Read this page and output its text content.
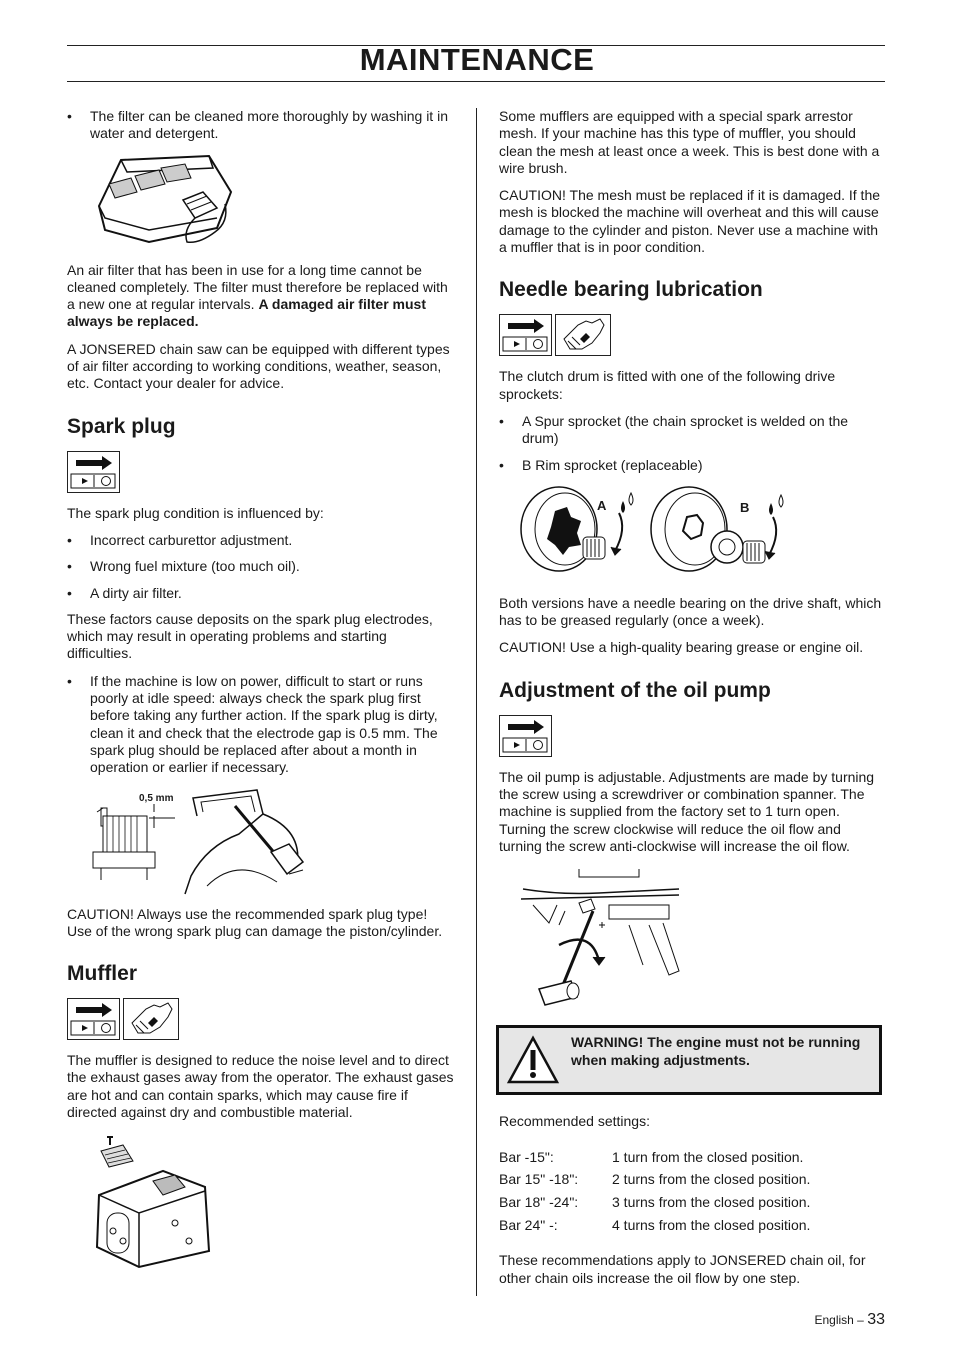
MAINTENANCE
• The filter can be cleaned more thoroughly by washing it in water and detergent.

An air filter that has been in use for a long time cannot be cleaned completely. The filter must therefore be replaced with a new one at regular intervals. A damaged air filter must always be replaced.

A JONSERED chain saw can be equipped with different types of air filter according to working conditions, weather, season, etc. Contact your dealer for advice.

Spark plug

The spark plug condition is influenced by:

• Incorrect carburettor adjustment.
• Wrong fuel mixture (too much oil).
• A dirty air filter.

These factors cause deposits on the spark plug electrodes, which may result in operating problems and starting difficulties.

• If the machine is low on power, difficult to start or runs poorly at idle speed: always check the spark plug first before taking any further action. If the spark plug is dirty, clean it and check that the electrode gap is 0.5 mm. The spark plug should be replaced after about a month in operation or earlier if necessary.
0,5 mm

CAUTION! Always use the recommended spark plug type! Use of the wrong spark plug can damage the piston/cylinder.

Muffler

The muffler is designed to reduce the noise level and to direct the exhaust gases away from the operator. The exhaust gases are hot and can contain sparks, which may cause fire if directed against dry and combustible material.

Some mufflers are equipped with a special spark arrestor mesh. If your machine has this type of muffler, you should clean the mesh at least once a week. This is best done with a wire brush.

CAUTION! The mesh must be replaced if it is damaged. If the mesh is blocked the machine will overheat and this will cause damage to the cylinder and piston. Never use a machine with a muffler that is in poor condition.

Needle bearing lubrication

The clutch drum is fitted with one of the following drive sprockets:

• A Spur sprocket (the chain sprocket is welded on the drum)
• B Rim sprocket (replaceable)
A	B

Both versions have a needle bearing on the drive shaft, which has to be greased regularly (once a week).

CAUTION! Use a high-quality bearing grease or engine oil.

Adjustment of the oil pump

The oil pump is adjustable. Adjustments are made by turning the screw using a screwdriver or combination spanner. The machine is supplied from the factory set to 1 turn open. Turning the screw clockwise will reduce the oil flow and turning the screw anti-clockwise will increase the oil flow.

WARNING! The engine must not be running when making adjustments.

Recommended settings:

Bar -15":	1 turn from the closed position.
Bar 15" -18":	2 turns from the closed position.
Bar 18" -24":	3 turns from the closed position.
Bar 24" -:	4 turns from the closed position.

These recommendations apply to JONSERED chain oil, for other chain oils increase the oil flow by one step.

English – 33
